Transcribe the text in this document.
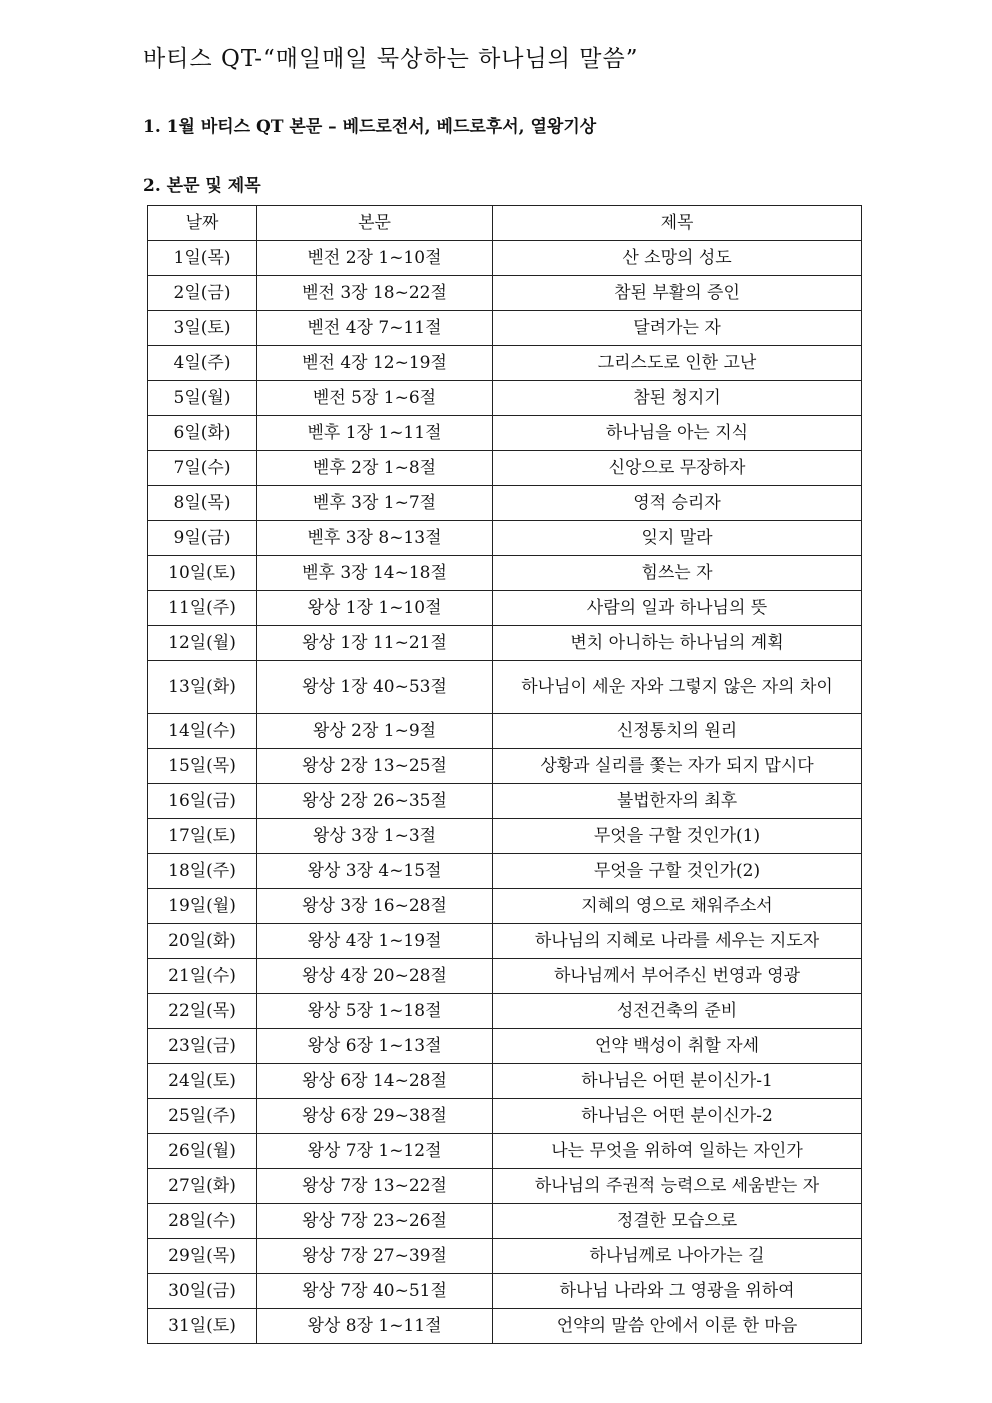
바티스 QT-“매일매일 묵상하는 하나님의 말씀”
1. 1월 바티스 QT 본문 – 베드로전서, 베드로후서, 열왕기상
2. 본문 및 제목
날짜	본문	제목
1일(목)	벧전 2장 1~10절	산 소망의 성도
2일(금)	벧전 3장 18~22절	참된 부활의 증인
3일(토)	벧전 4장 7~11절	달려가는 자
4일(주)	벧전 4장 12~19절	그리스도로 인한 고난
5일(월)	벧전 5장 1~6절	참된 청지기
6일(화)	벧후 1장 1~11절	하나님을 아는 지식
7일(수)	벧후 2장 1~8절	신앙으로 무장하자
8일(목)	벧후 3장 1~7절	영적 승리자
9일(금)	벧후 3장 8~13절	잊지 말라
10일(토)	벧후 3장 14~18절	힘쓰는 자
11일(주)	왕상 1장 1~10절	사람의 일과 하나님의 뜻
12일(월)	왕상 1장 11~21절	변치 아니하는 하나님의 계획
13일(화)	왕상 1장 40~53절	하나님이 세운 자와 그렇지 않은 자의 차이
14일(수)	왕상 2장 1~9절	신정통치의 원리
15일(목)	왕상 2장 13~25절	상황과 실리를 쫓는 자가 되지 맙시다
16일(금)	왕상 2장 26~35절	불법한자의 최후
17일(토)	왕상 3장 1~3절	무엇을 구할 것인가(1)
18일(주)	왕상 3장 4~15절	무엇을 구할 것인가(2)
19일(월)	왕상 3장 16~28절	지혜의 영으로 채워주소서
20일(화)	왕상 4장 1~19절	하나님의 지혜로 나라를 세우는 지도자
21일(수)	왕상 4장 20~28절	하나님께서 부어주신 번영과 영광
22일(목)	왕상 5장 1~18절	성전건축의 준비
23일(금)	왕상 6장 1~13절	언약 백성이 취할 자세
24일(토)	왕상 6장 14~28절	하나님은 어떤 분이신가-1
25일(주)	왕상 6장 29~38절	하나님은 어떤 분이신가-2
26일(월)	왕상 7장 1~12절	나는 무엇을 위하여 일하는 자인가
27일(화)	왕상 7장 13~22절	하나님의 주권적 능력으로 세움받는 자
28일(수)	왕상 7장 23~26절	정결한 모습으로
29일(목)	왕상 7장 27~39절	하나님께로 나아가는 길
30일(금)	왕상 7장 40~51절	하나님 나라와 그 영광을 위하여
31일(토)	왕상 8장 1~11절	언약의 말씀 안에서 이룬 한 마음
